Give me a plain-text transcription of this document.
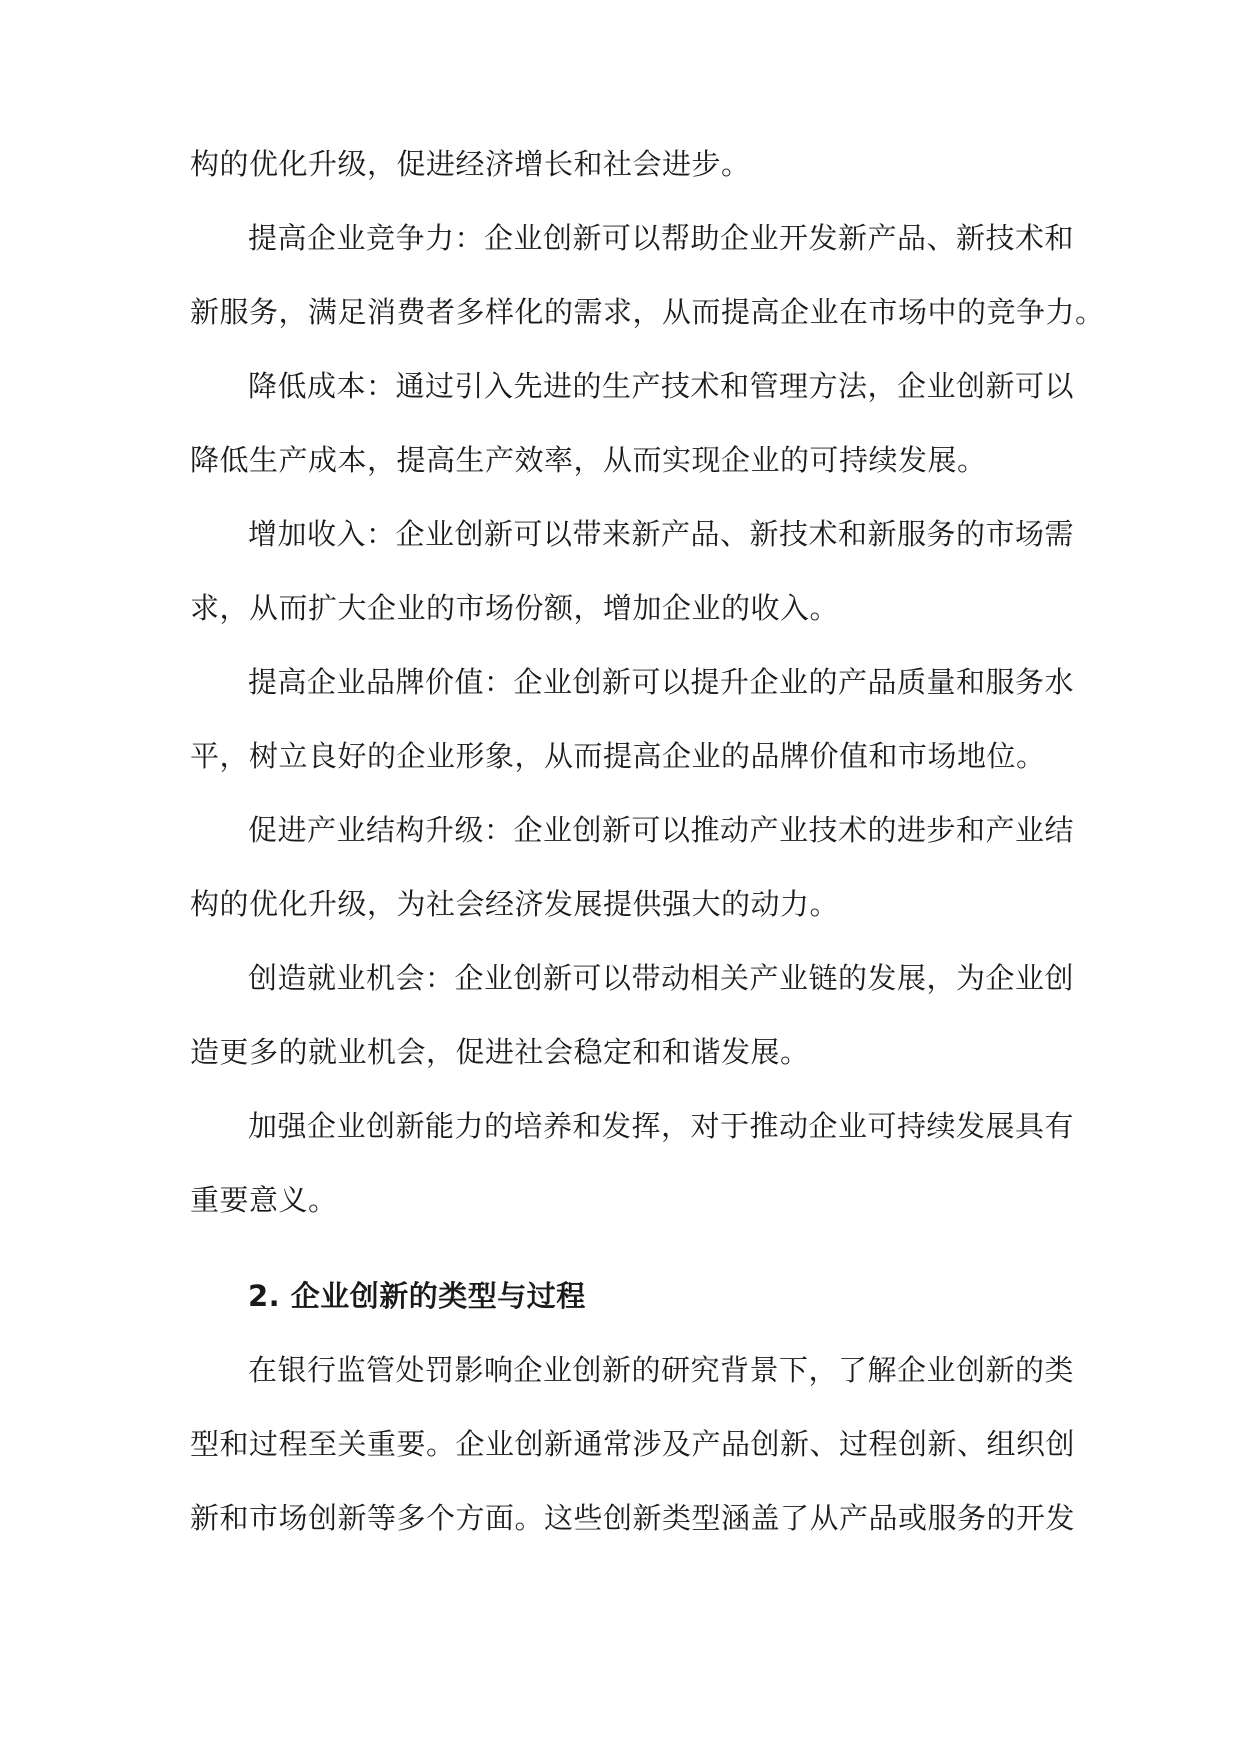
构的优化升级，促进经济增长和社会进步。
提高企业竞争力：企业创新可以帮助企业开发新产品、新技术和
新服务，满足消费者多样化的需求，从而提高企业在市场中的竞争力。
降低成本：通过引入先进的生产技术和管理方法，企业创新可以
降低生产成本，提高生产效率，从而实现企业的可持续发展。
增加收入：企业创新可以带来新产品、新技术和新服务的市场需
求，从而扩大企业的市场份额，增加企业的收入。
提高企业品牌价值：企业创新可以提升企业的产品质量和服务水
平，树立良好的企业形象，从而提高企业的品牌价值和市场地位。
促进产业结构升级：企业创新可以推动产业技术的进步和产业结
构的优化升级，为社会经济发展提供强大的动力。
创造就业机会：企业创新可以带动相关产业链的发展，为企业创
造更多的就业机会，促进社会稳定和和谐发展。
加强企业创新能力的培养和发挥，对于推动企业可持续发展具有
重要意义。
2. 企业创新的类型与过程
在银行监管处罚影响企业创新的研究背景下，了解企业创新的类
型和过程至关重要。企业创新通常涉及产品创新、过程创新、组织创
新和市场创新等多个方面。这些创新类型涵盖了从产品或服务的开发
